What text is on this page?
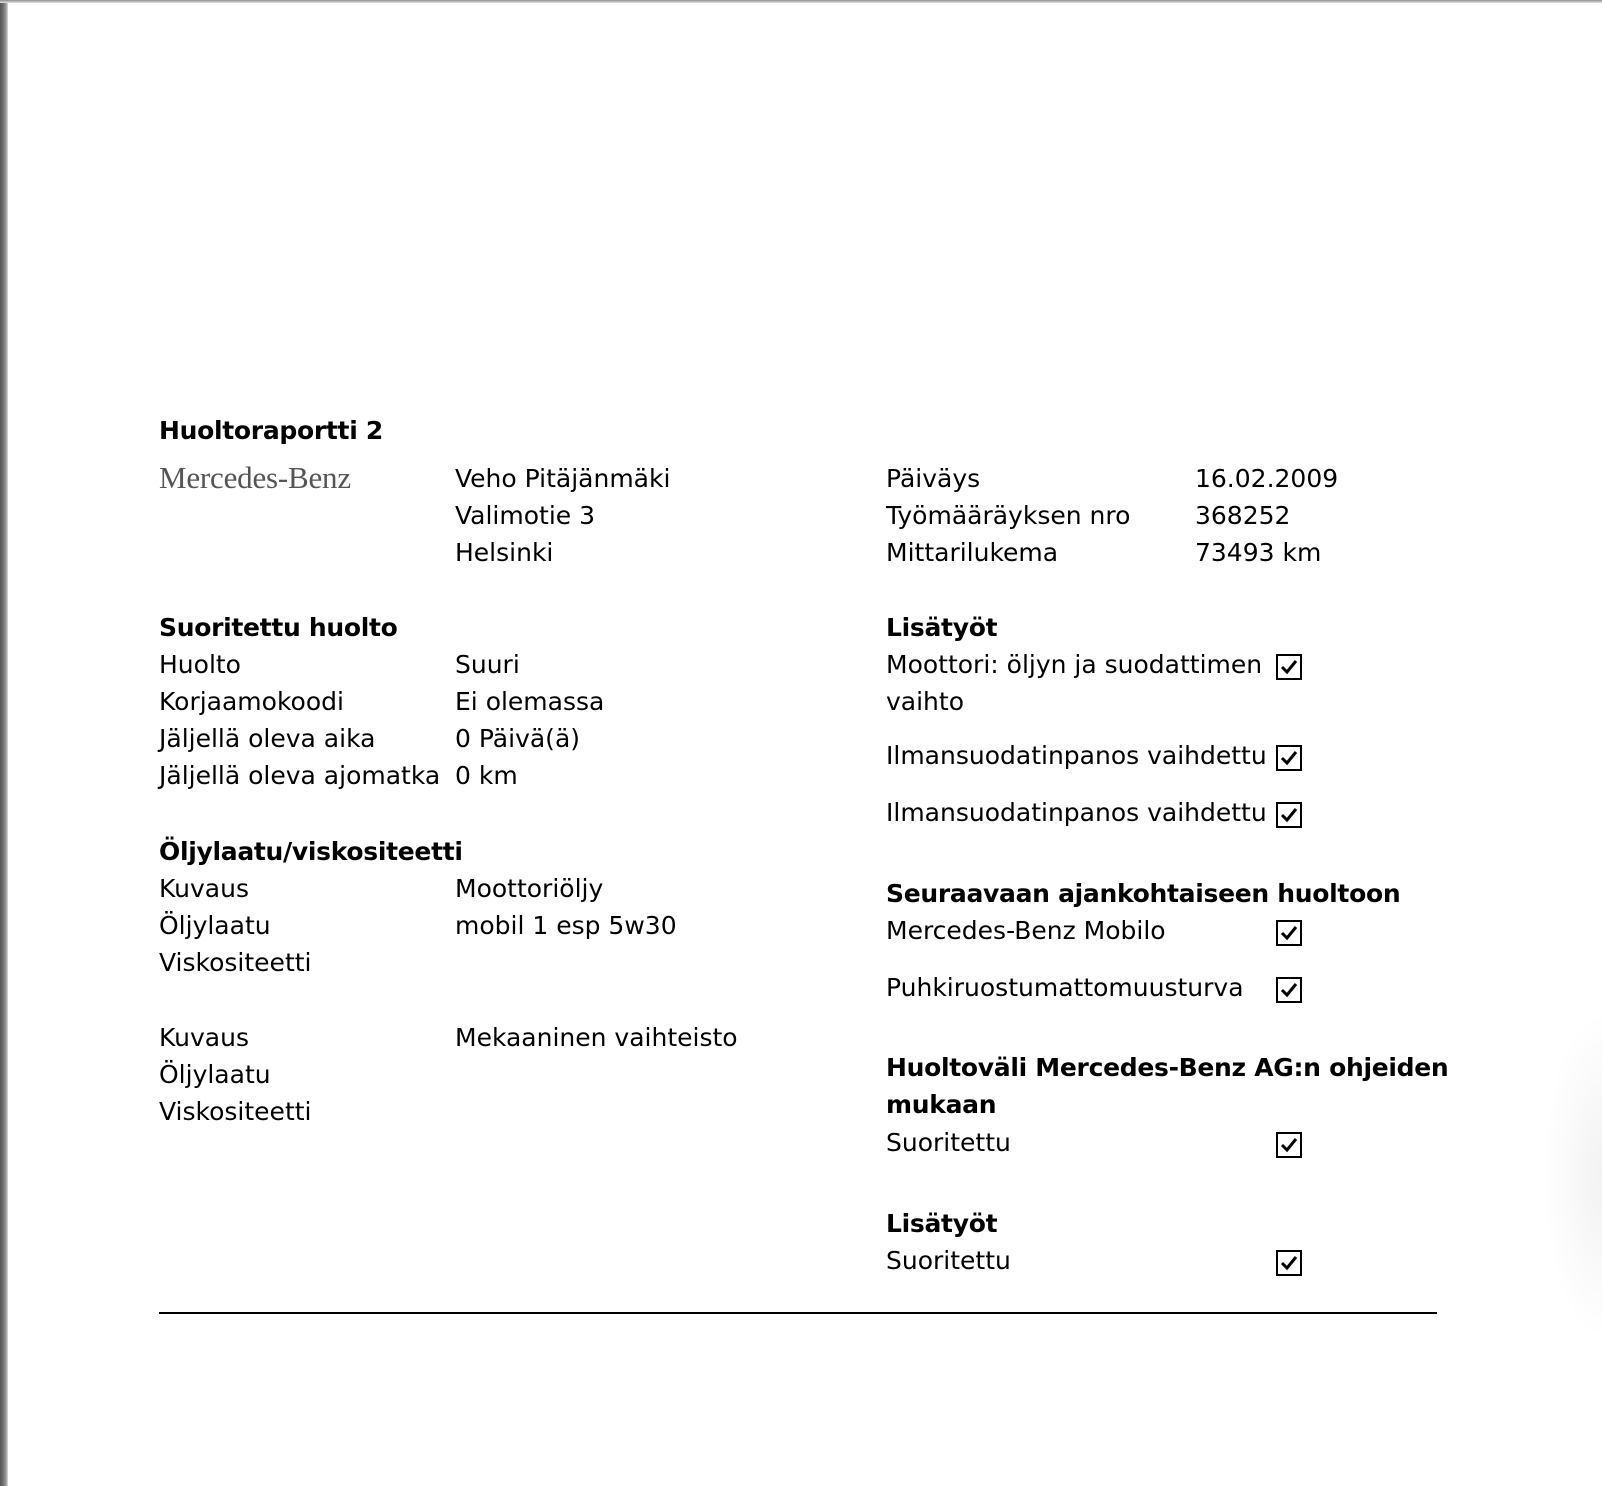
Huoltoraportti 2
Mercedes-Benz	Veho Pitäjänmäki
Valimotie 3
Helsinki
Päiväys	16.02.2009
Työmääräyksen nro	368252
Mittarilukema	73493 km
Suoritettu huolto
Huolto	Suuri
Korjaamokoodi	Ei olemassa
Jäljellä oleva aika	0 Päivä(ä)
Jäljellä oleva ajomatka 0 km
Öljylaatu/viskositeetti
Kuvaus	Moottoriöljy
Öljylaatu	mobil 1 esp 5w30
Viskositeetti
Kuvaus	Mekaaninen vaihteisto
Öljylaatu
Viskositeetti
Lisätyöt
Moottori: öljyn ja suodattimen
vaihto
Ilmansuodatinpanos vaihdettu
Ilmansuodatinpanos vaihdettu
Seuraavaan ajankohtaiseen huoltoon
Mercedes-Benz Mobilo
Puhkiruostumattomuusturva
Huoltoväli Mercedes-Benz AG:n ohjeiden
mukaan
Suoritettu
Lisätyöt
Suoritettu
